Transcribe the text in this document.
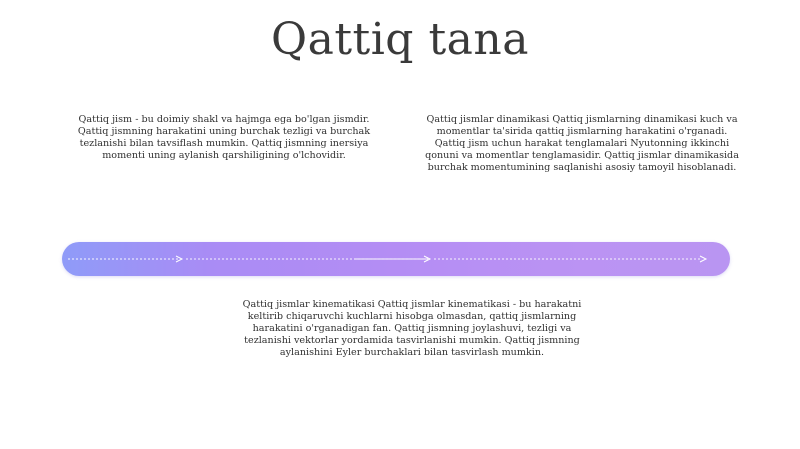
Qattiq tana

Qattiq jism - bu doimiy shakl va hajmga ega bo'lgan jismdir. Qattiq jismning harakatini uning burchak tezligi va burchak tezlanishi bilan tavsiflash mumkin. Qattiq jismning inersiya momenti uning aylanish qarshiligining o'lchovidir.

Qattiq jismlar dinamikasi Qattiq jismlarning dinamikasi kuch va momentlar ta'sirida qattiq jismlarning harakatini o'rganadi. Qattiq jism uchun harakat tenglamalari Nyutonning ikkinchi qonuni va momentlar tenglamasidir. Qattiq jismlar dinamikasida burchak momentumining saqlanishi asosiy tamoyil hisoblanadi.

Qattiq jismlar kinematikasi Qattiq jismlar kinematikasi - bu harakatni keltirib chiqaruvchi kuchlarni hisobga olmasdan, qattiq jismlarning harakatini o'rganadigan fan. Qattiq jismning joylashuvi, tezligi va tezlanishi vektorlar yordamida tasvirlanishi mumkin. Qattiq jismning aylanishini Eyler burchaklari bilan tasvirlash mumkin.
